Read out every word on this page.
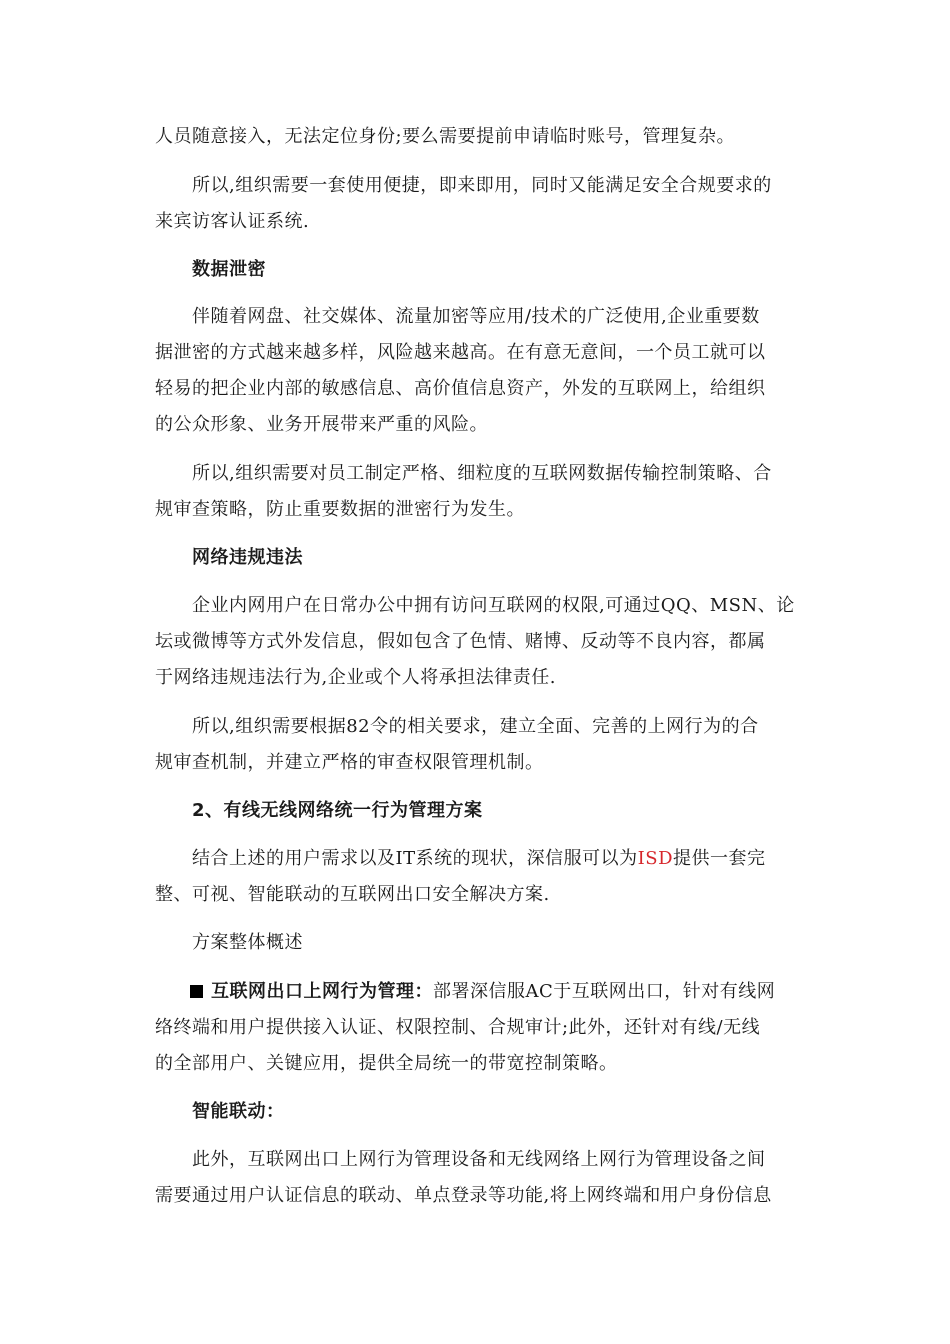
人员随意接入，无法定位身份;要么需要提前申请临时账号，管理复杂。
所以,组织需要一套使用便捷，即来即用，同时又能满足安全合规要求的
来宾访客认证系统.
数据泄密
伴随着网盘、社交媒体、流量加密等应用/技术的广泛使用,企业重要数
据泄密的方式越来越多样，风险越来越高。在有意无意间，一个员工就可以
轻易的把企业内部的敏感信息、高价值信息资产，外发的互联网上，给组织
的公众形象、业务开展带来严重的风险。
所以,组织需要对员工制定严格、细粒度的互联网数据传输控制策略、合
规审查策略，防止重要数据的泄密行为发生。
网络违规违法
企业内网用户在日常办公中拥有访问互联网的权限,可通过QQ、MSN、论
坛或微博等方式外发信息，假如包含了色情、赌博、反动等不良内容，都属
于网络违规违法行为,企业或个人将承担法律责任.
所以,组织需要根据82令的相关要求，建立全面、完善的上网行为的合
规审查机制，并建立严格的审查权限管理机制。
2、有线无线网络统一行为管理方案
结合上述的用户需求以及IT系统的现状，深信服可以为ISD提供一套完
整、可视、智能联动的互联网出口安全解决方案.
方案整体概述
互联网出口上网行为管理：部署深信服AC于互联网出口，针对有线网
络终端和用户提供接入认证、权限控制、合规审计;此外，还针对有线/无线
的全部用户、关键应用，提供全局统一的带宽控制策略。
智能联动：
此外，互联网出口上网行为管理设备和无线网络上网行为管理设备之间
需要通过用户认证信息的联动、单点登录等功能,将上网终端和用户身份信息
